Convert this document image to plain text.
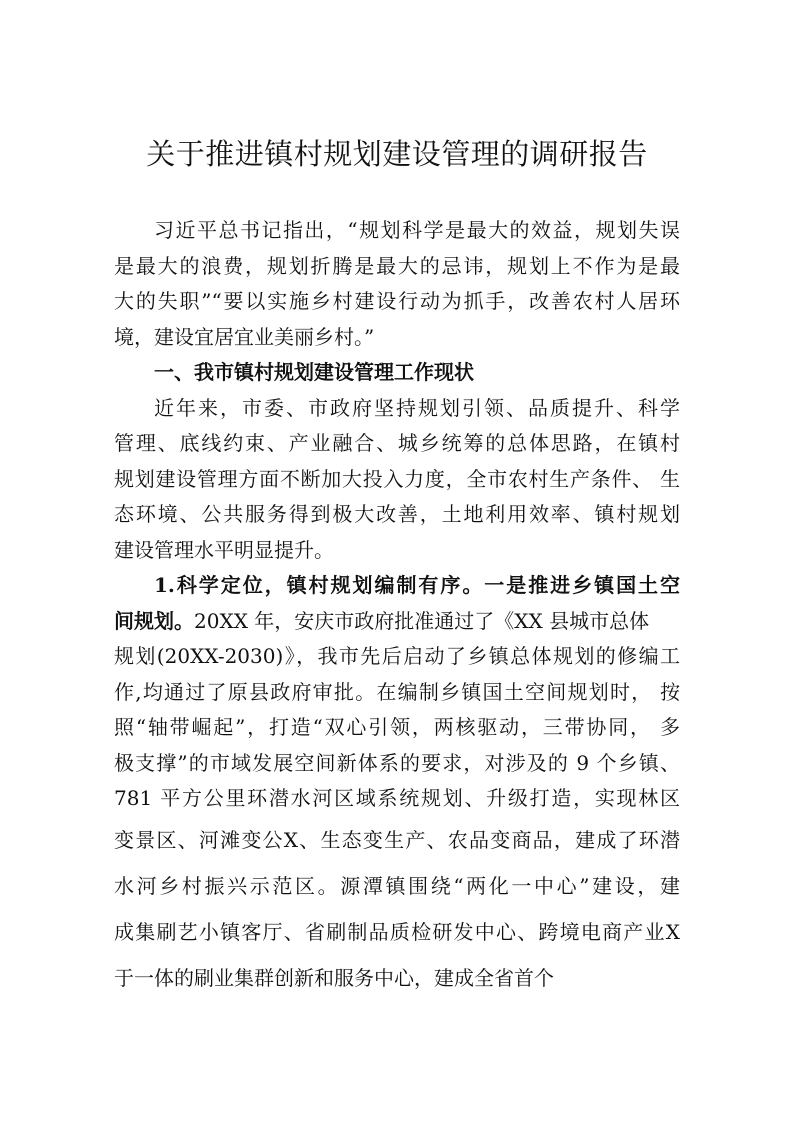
关于推进镇村规划建设管理的调研报告
习近平总书记指出，“规划科学是最大的效益，规划失误
是最大的浪费，规划折腾是最大的忌讳，规划上不作为是最
大的失职”“要以实施乡村建设行动为抓手，改善农村人居环
境，建设宜居宜业美丽乡村。”
一、我市镇村规划建设管理工作现状
近年来，市委、市政府坚持规划引领、品质提升、科学
管理、底线约束、产业融合、城乡统筹的总体思路，在镇村
规划建设管理方面不断加大投入力度，全市农村生产条件、 生
态环境、公共服务得到极大改善，土地利用效率、镇村规划
建设管理水平明显提升。
1.科学定位，镇村规划编制有序。一是推进乡镇国土空
间规划。20XX 年，安庆市政府批准通过了《XX 县城市总体
规划(20XX-2030)》，我市先后启动了乡镇总体规划的修编工
作,均通过了原县政府审批。在编制乡镇国土空间规划时， 按
照“轴带崛起”，打造“双心引领，两核驱动，三带协同， 多
极支撑”的市域发展空间新体系的要求，对涉及的 9 个乡镇、
781 平方公里环潜水河区域系统规划、升级打造，实现林区
变景区、河滩变公X、生态变生产、农品变商品，建成了环潜
水河乡村振兴示范区。源潭镇围绕“两化一中心”建设，建
成集刷艺小镇客厅、省刷制品质检研发中心、跨境电商产业X
于一体的刷业集群创新和服务中心，建成全省首个
